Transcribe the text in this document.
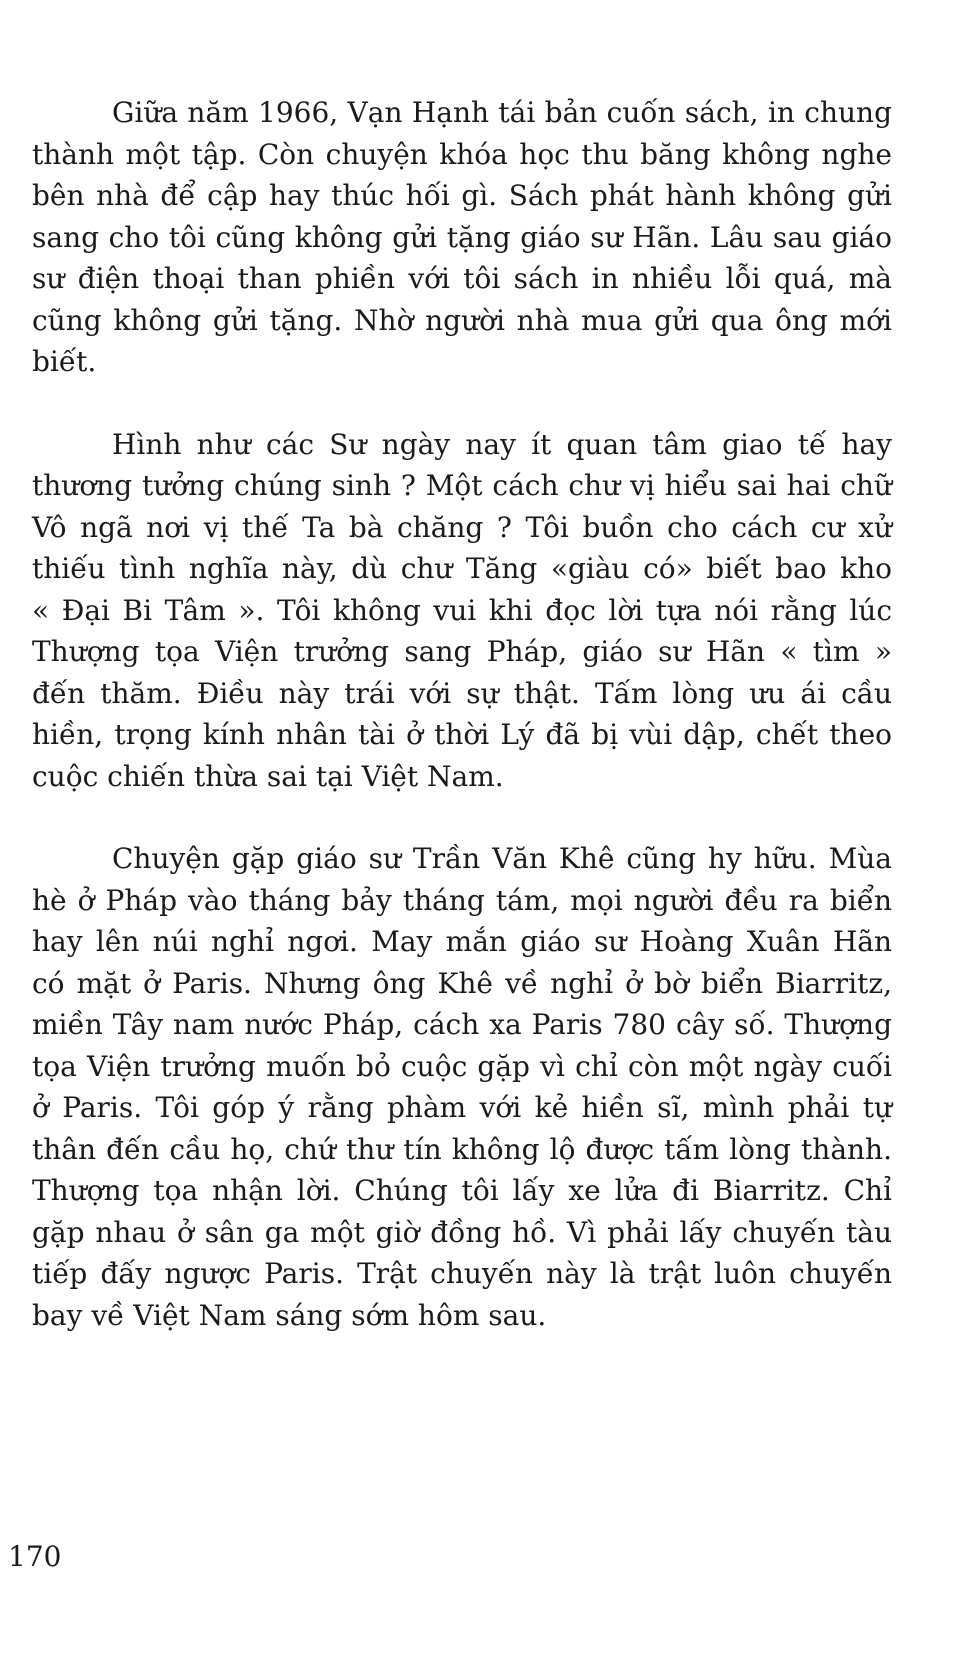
Giữa năm 1966, Vạn Hạnh tái bản cuốn sách, in chung
thành một tập. Còn chuyện khóa học thu băng không nghe
bên nhà để cập hay thúc hối gì. Sách phát hành không gửi
sang cho tôi cũng không gửi tặng giáo sư Hãn. Lâu sau giáo
sư điện thoại than phiền với tôi sách in nhiều lỗi quá, mà
cũng không gửi tặng. Nhờ người nhà mua gửi qua ông mới
biết.

Hình như các Sư ngày nay ít quan tâm giao tế hay
thương tưởng chúng sinh ? Một cách chư vị hiểu sai hai chữ
Vô ngã nơi vị thế Ta bà chăng ? Tôi buồn cho cách cư xử
thiếu tình nghĩa này, dù chư Tăng «giàu có» biết bao kho
« Đại Bi Tâm ». Tôi không vui khi đọc lời tựa nói rằng lúc
Thượng tọa Viện trưởng sang Pháp, giáo sư Hãn « tìm »
đến thăm. Điều này trái với sự thật. Tấm lòng ưu ái cầu
hiền, trọng kính nhân tài ở thời Lý đã bị vùi dập, chết theo
cuộc chiến thừa sai tại Việt Nam.

Chuyện gặp giáo sư Trần Văn Khê cũng hy hữu. Mùa
hè ở Pháp vào tháng bảy tháng tám, mọi người đều ra biển
hay lên núi nghỉ ngơi. May mắn giáo sư Hoàng Xuân Hãn
có mặt ở Paris. Nhưng ông Khê về nghỉ ở bờ biển Biarritz,
miền Tây nam nước Pháp, cách xa Paris 780 cây số. Thượng
tọa Viện trưởng muốn bỏ cuộc gặp vì chỉ còn một ngày cuối
ở Paris. Tôi góp ý rằng phàm với kẻ hiền sĩ, mình phải tự
thân đến cầu họ, chứ thư tín không lộ được tấm lòng thành.
Thượng tọa nhận lời. Chúng tôi lấy xe lửa đi Biarritz. Chỉ
gặp nhau ở sân ga một giờ đồng hồ. Vì phải lấy chuyến tàu
tiếp đấy ngược Paris. Trật chuyến này là trật luôn chuyến
bay về Việt Nam sáng sớm hôm sau.

170
